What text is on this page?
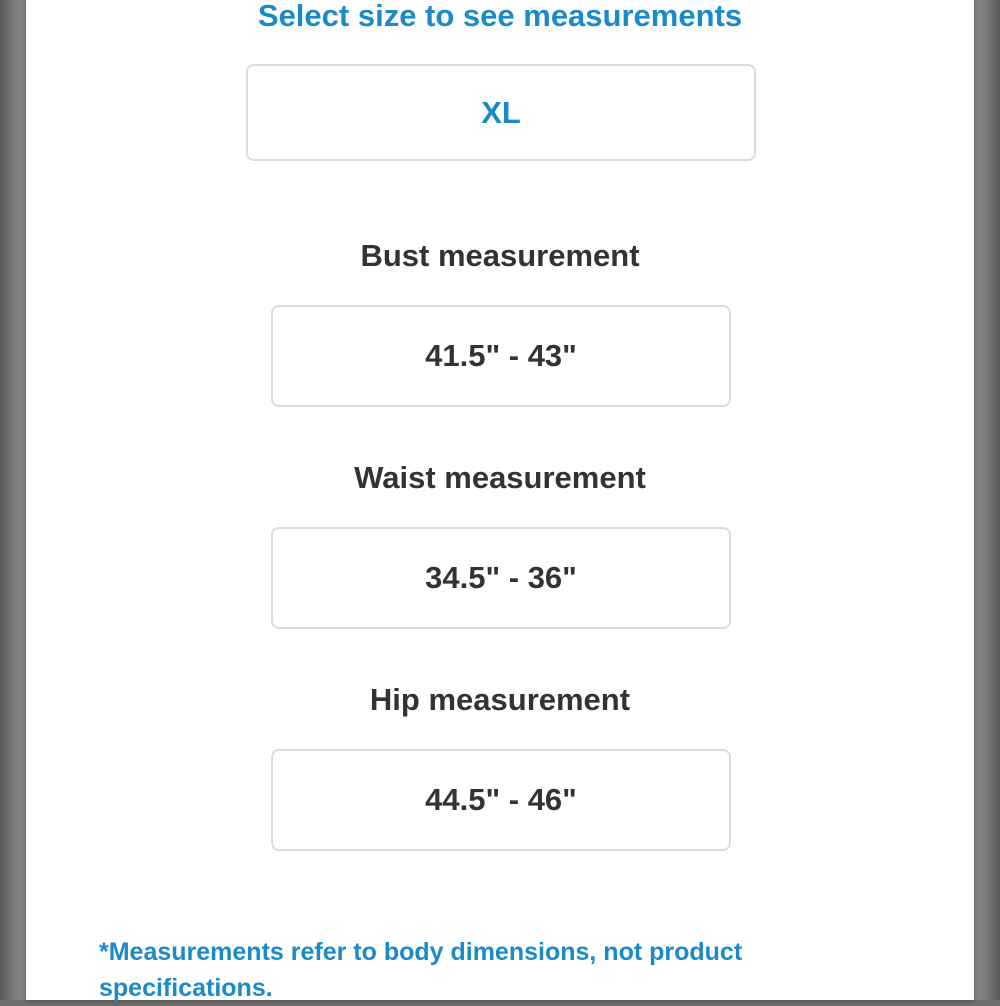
Select size to see measurements
XL
Bust measurement
41.5" - 43"
Waist measurement
34.5" - 36"
Hip measurement
44.5" - 46"
*Measurements refer to body dimensions, not product specifications.
